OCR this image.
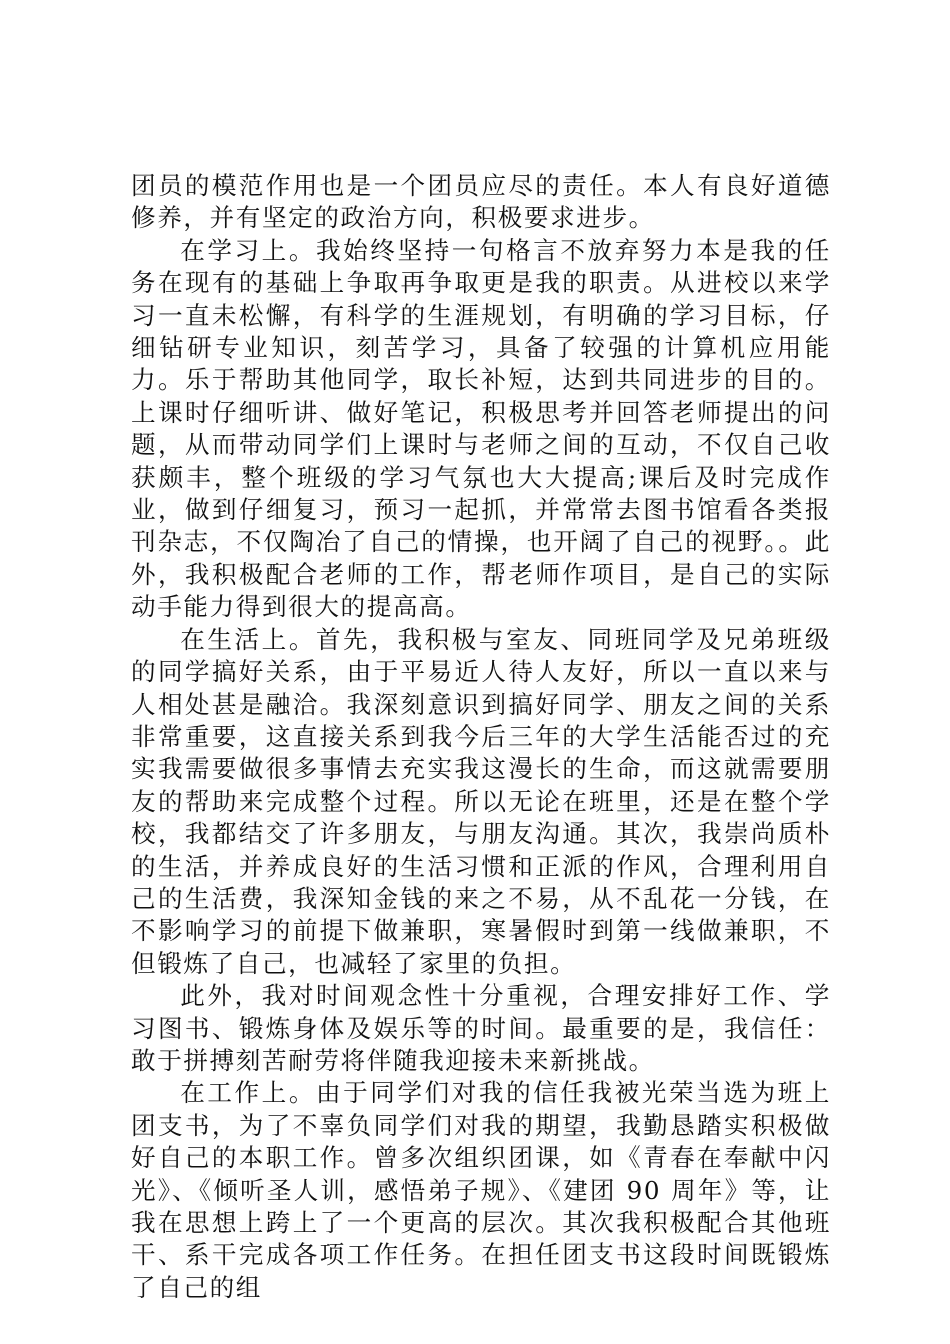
团员的模范作用也是一个团员应尽的责任。本人有良好道德修养，并有坚定的政治方向，积极要求进步。

在学习上。我始终坚持一句格言不放弃努力本是我的任务在现有的基础上争取再争取更是我的职责。从进校以来学习一直未松懈，有科学的生涯规划，有明确的学习目标，仔细钻研专业知识，刻苦学习，具备了较强的计算机应用能力。乐于帮助其他同学，取长补短，达到共同进步的目的。上课时仔细听讲、做好笔记，积极思考并回答老师提出的问题，从而带动同学们上课时与老师之间的互动，不仅自己收获颇丰，整个班级的学习气氛也大大提高;课后及时完成作业，做到仔细复习，预习一起抓，并常常去图书馆看各类报刊杂志，不仅陶冶了自己的情操，也开阔了自己的视野。。此外，我积极配合老师的工作，帮老师作项目，是自己的实际动手能力得到很大的提高高。

在生活上。首先，我积极与室友、同班同学及兄弟班级的同学搞好关系，由于平易近人待人友好，所以一直以来与人相处甚是融洽。我深刻意识到搞好同学、朋友之间的关系非常重要，这直接关系到我今后三年的大学生活能否过的充实我需要做很多事情去充实我这漫长的生命，而这就需要朋友的帮助来完成整个过程。所以无论在班里，还是在整个学校，我都结交了许多朋友，与朋友沟通。其次，我崇尚质朴的生活，并养成良好的生活习惯和正派的作风，合理利用自己的生活费，我深知金钱的来之不易，从不乱花一分钱，在不影响学习的前提下做兼职，寒暑假时到第一线做兼职，不但锻炼了自己，也减轻了家里的负担。

此外，我对时间观念性十分重视，合理安排好工作、学习图书、锻炼身体及娱乐等的时间。最重要的是，我信任：敢于拼搏刻苦耐劳将伴随我迎接未来新挑战。

在工作上。由于同学们对我的信任我被光荣当选为班上团支书，为了不辜负同学们对我的期望，我勤恳踏实积极做好自己的本职工作。曾多次组织团课，如《青春在奉献中闪光》、《倾听圣人训，感悟弟子规》、《建团 90 周年》等，让我在思想上跨上了一个更高的层次。其次我积极配合其他班干、系干完成各项工作任务。在担任团支书这段时间既锻炼了自己的组
